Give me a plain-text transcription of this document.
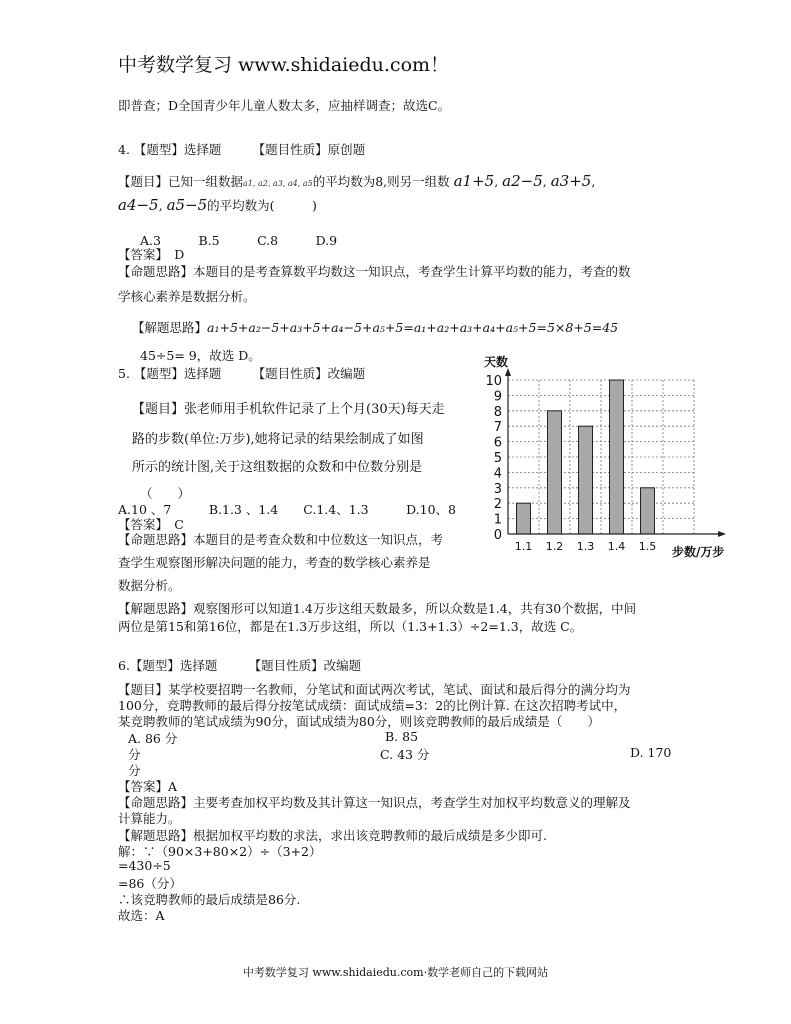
中考数学复习 www.shidaiedu.com！
即普查；D全国青少年儿童人数太多，应抽样调查；故选C。
4. 【题型】选择题　　　【题目性质】原创题
【题目】已知一组数据a1, a2, a3, a4, a5的平均数为8,则另一组数 a1+5, a2−5, a3+5,
a4−5, a5−5的平均数为(　　　)
A.3　　　B.5　　　C.8　　　D.9
【答案】　D
【命题思路】本题目的是考查算数平均数这一知识点，考查学生计算平均数的能力，考查的数
学核心素养是数据分析。
【解题思路】a₁+5+a₂−5+a₃+5+a₄−5+a₅+5=a₁+a₂+a₃+a₄+a₅+5=5×8+5=45
45÷5= 9，故选 D。
5. 【题型】选择题　　　【题目性质】改编题
【题目】张老师用手机软件记录了上个月(30天)每天走
路的步数(单位:万步),她将记录的结果绘制成了如图
所示的统计图,关于这组数据的众数和中位数分别是
（　　）
A.10 、7　　　B.1.3 、1.4　　C.1.4、1.3　　　D.10、8
【答案】　C
【命题思路】本题目的是考查众数和中位数这一知识点，考
查学生观察图形解决问题的能力，考查的数学核心素养是
数据分析。
【解题思路】观察图形可以知道1.4万步这组天数最多，所以众数是1.4，共有30个数据，中间
两位是第15和第16位，都是在1.3万步这组，所以（1.3+1.3）÷2=1.3，故选 C。
0
1
2
3
4
5
6
7
8
9
10
1.1 1.2 1.3 1.4 1.5
天数
步数/万步
6.【题型】选择题　　　【题目性质】改编题
【题目】某学校要招聘一名教师，分笔试和面试两次考试，笔试、面试和最后得分的满分均为
100分，竞聘教师的最后得分按笔试成绩：面试成绩=3：2的比例计算. 在这次招聘考试中，
某竞聘教师的笔试成绩为90分，面试成绩为80分，则该竞聘教师的最后成绩是（　　）
A. 86 分	B. 85
分	C. 43 分	D. 170
分
【答案】A
【命题思路】主要考查加权平均数及其计算这一知识点，考查学生对加权平均数意义的理解及
计算能力。
【解题思路】根据加权平均数的求法，求出该竞聘教师的最后成绩是多少即可.
解：∵（90×3+80×2）÷（3+2）
=430÷5
=86（分）
∴该竞聘教师的最后成绩是86分.
故选：A
中考数学复习 www.shidaiedu.com·数学老师自己的下载网站
